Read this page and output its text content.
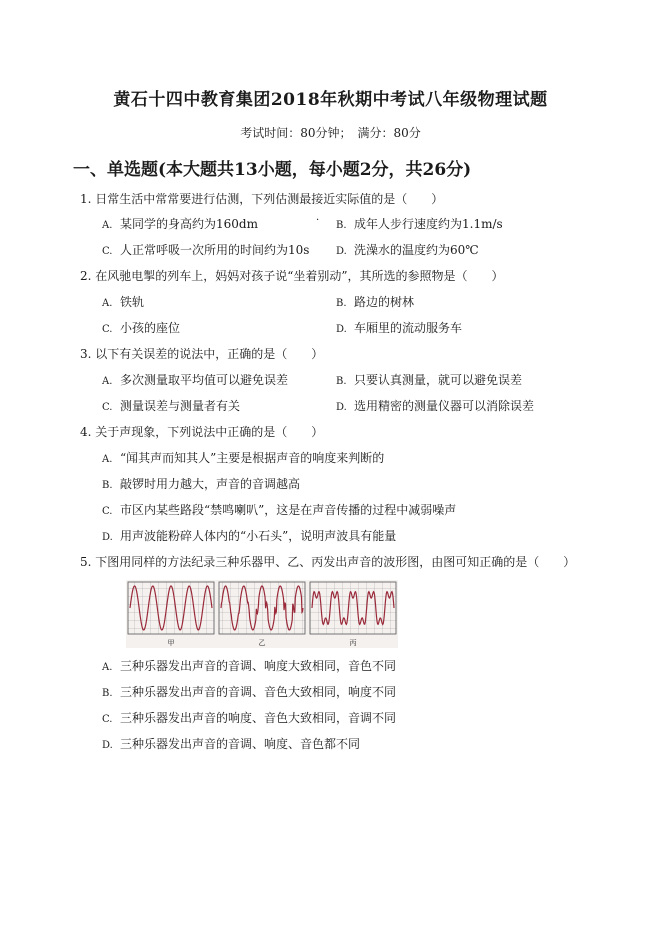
黄石十四中教育集团2018年秋期中考试八年级物理试题
考试时间：80分钟；　满分：80分
一、单选题(本大题共13小题，每小题2分，共26分)
1. 日常生活中常常要进行估测，下列估测最接近实际值的是（　　）
A. 某同学的身高约为160dm	· B. 成年人步行速度约为1.1m/s
C. 人正常呼吸一次所用的时间约为10s	D. 洗澡水的温度约为60℃
2. 在风驰电掣的列车上，妈妈对孩子说“坐着别动”，其所选的参照物是（　　）
A. 铁轨	B. 路边的树林
C. 小孩的座位	D. 车厢里的流动服务车
3. 以下有关误差的说法中，正确的是（　　）
A. 多次测量取平均值可以避免误差	B. 只要认真测量，就可以避免误差
C. 测量误差与测量者有关	D. 选用精密的测量仪器可以消除误差
4. 关于声现象，下列说法中正确的是（　　）
A. “闻其声而知其人”主要是根据声音的响度来判断的
B. 敲锣时用力越大，声音的音调越高
C. 市区内某些路段“禁鸣喇叭”，这是在声音传播的过程中减弱噪声
D. 用声波能粉碎人体内的“小石头”，说明声波具有能量
5. 下图用同样的方法纪录三种乐器甲、乙、丙发出声音的波形图，由图可知正确的是（　　）
甲	乙	丙
A. 三种乐器发出声音的音调、响度大致相同，音色不同
B. 三种乐器发出声音的音调、音色大致相同，响度不同
C. 三种乐器发出声音的响度、音色大致相同，音调不同
D. 三种乐器发出声音的音调、响度、音色都不同
